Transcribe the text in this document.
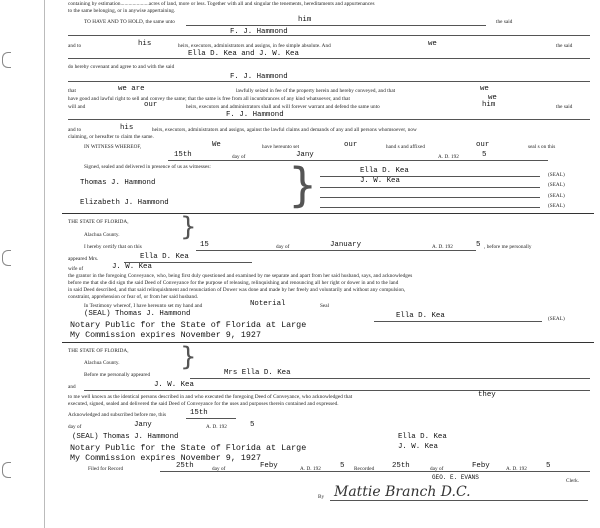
containing by estimation.....................acres of land, more or less. Together with all and singular the tenements, hereditaments and appurtenances
to the same belonging, or in anywise appertaining.
TO HAVE AND TO HOLD, the same unto	him	the said
F. J. Hammond
and to	his	heirs, executors, administrators and assigns, in fee simple absolute. And	we	the said
Ella D. Kea and J. W. Kea
do hereby covenant and agree to and with the said
F. J. Hammond
that	we are	lawfully seized in fee of the property herein and hereby conveyed, and that	we
have good and lawful right to sell and convey the same; that the same is free from all incumbrances of any kind whatsoever, and that	we
will and	our	heirs, executors and administrators shall and will forever warrant and defend the same unto	him	the said
F. J. Hammond
and to	his	heirs, executors, administrators and assigns, against the lawful claims and demands of any and all persons whomsoever, now
claiming, or hereafter to claim the same.
IN WITNESS WHEREOF,	We	have hereunto set	our	hand s and affixed	our	seal s on this
15th	day of	Jany	A. D. 192	5
Signed, sealed and delivered in presence of us as witnesses:	Ella D. Kea	(SEAL)
Thomas J. Hammond	J. W. Kea	(SEAL)
(SEAL)
Elizabeth J. Hammond	(SEAL)
}
THE STATE OF FLORIDA,
Alachua County. }
I hereby certify that on this	15	day of	January	A. D. 192	5 , before me personally
appeared Mrs.	Ella D. Kea
wife of	J. W. Kea
the grantor in the foregoing Conveyance, who, being first duly questioned and examined by me separate and apart from her said husband, says, and acknowledges
before me that she did sign the said Deed of Conveyance for the purpose of releasing, relinquishing and renouncing all her right or dower in and to the land
in said Deed described, and that said relinquishment and renunciation of Dower was done and made by her freely and voluntarily and without any compulsion,
constraint, apprehension or fear of, or from her said husband.
In Testimony whereof, I have hereunto set my hand and	Noterial	Seal
(SEAL) Thomas J. Hammond
Notary Public for the State of Florida at Large
My Commission expires November 9, 1927
Ella D. Kea	(SEAL)
THE STATE OF FLORIDA,
Alachua County. }
Before me personally appeared	Mrs Ella D. Kea
and	J. W. Kea
to me well known as the identical persons described in and who executed the foregoing Deed of Conveyance, who acknowledged that	they
executed, signed, sealed and delivered the said Deed of Conveyance for the uses and purposes therein contained and expressed.
Acknowledged and subscribed before me, this	15th
day of	Jany	A. D. 192	5
(SEAL) Thomas J. Hammond
Notary Public for the State of Florida at Large
My Commission expires November 9, 1927
Ella D. Kea
J. W. Kea
Filed for Record	25th	day of	Feby	A. D. 192	5 Recorded 25th	day of	Feby	A. D. 192	5
GEO. E. EVANS	Clerk.
By Mattie Branch D.C.
